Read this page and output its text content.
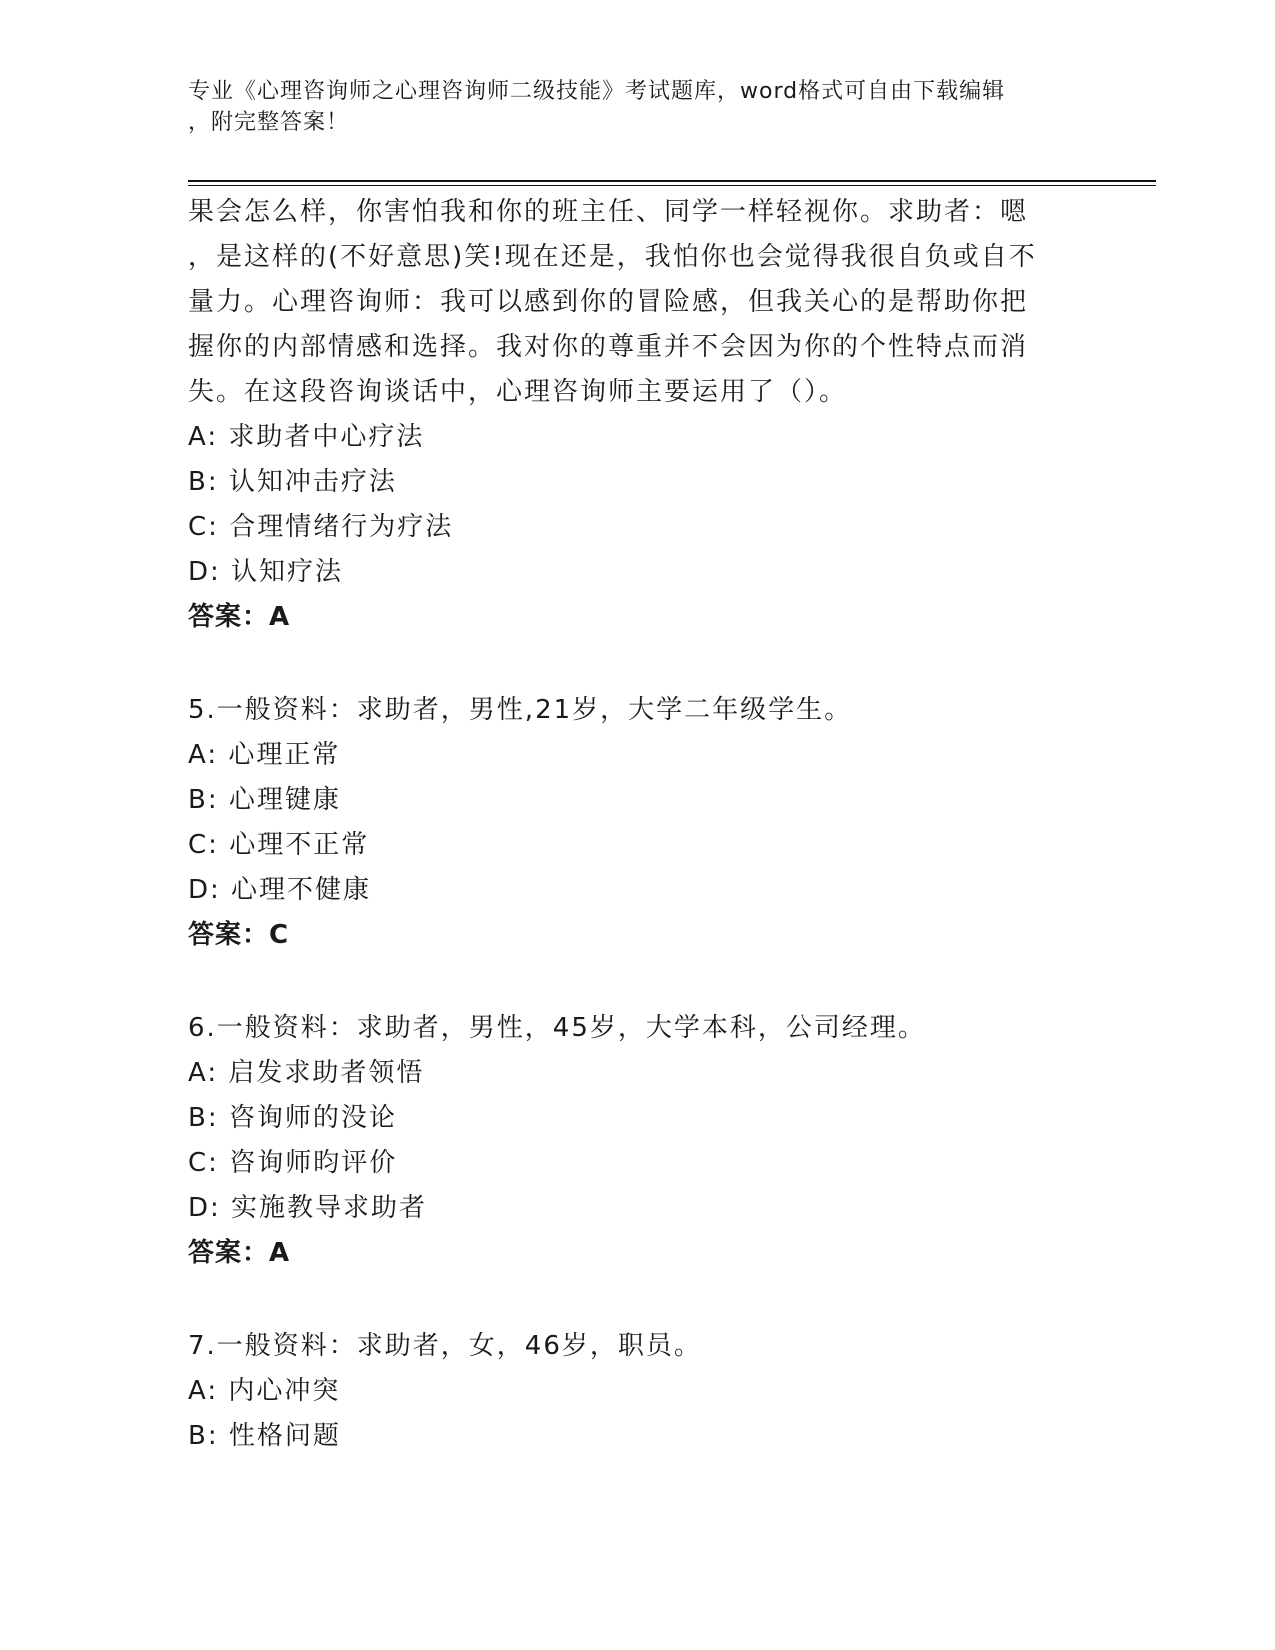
专业《心理咨询师之心理咨询师二级技能》考试题库，word格式可自由下载编辑
，附完整答案！
果会怎么样，你害怕我和你的班主任、同学一样轻视你。求助者：嗯
，是这样的(不好意思)笑!现在还是，我怕你也会觉得我很自负或自不
量力。心理咨询师：我可以感到你的冒险感，但我关心的是帮助你把
握你的内部情感和选择。我对你的尊重并不会因为你的个性特点而消
失。在这段咨询谈话中，心理咨询师主要运用了（）。
A: 求助者中心疗法
B: 认知冲击疗法
C: 合理情绪行为疗法
D: 认知疗法
答案：A
5.一般资料：求助者，男性,21岁，大学二年级学生。
A: 心理正常
B: 心理键康
C: 心理不正常
D: 心理不健康
答案：C
6.一般资料：求助者，男性，45岁，大学本科，公司经理。
A: 启发求助者领悟
B: 咨询师的没论
C: 咨询师昀评价
D: 实施教导求助者
答案：A
7.一般资料：求助者，女，46岁，职员。
A: 内心冲突
B: 性格问题
